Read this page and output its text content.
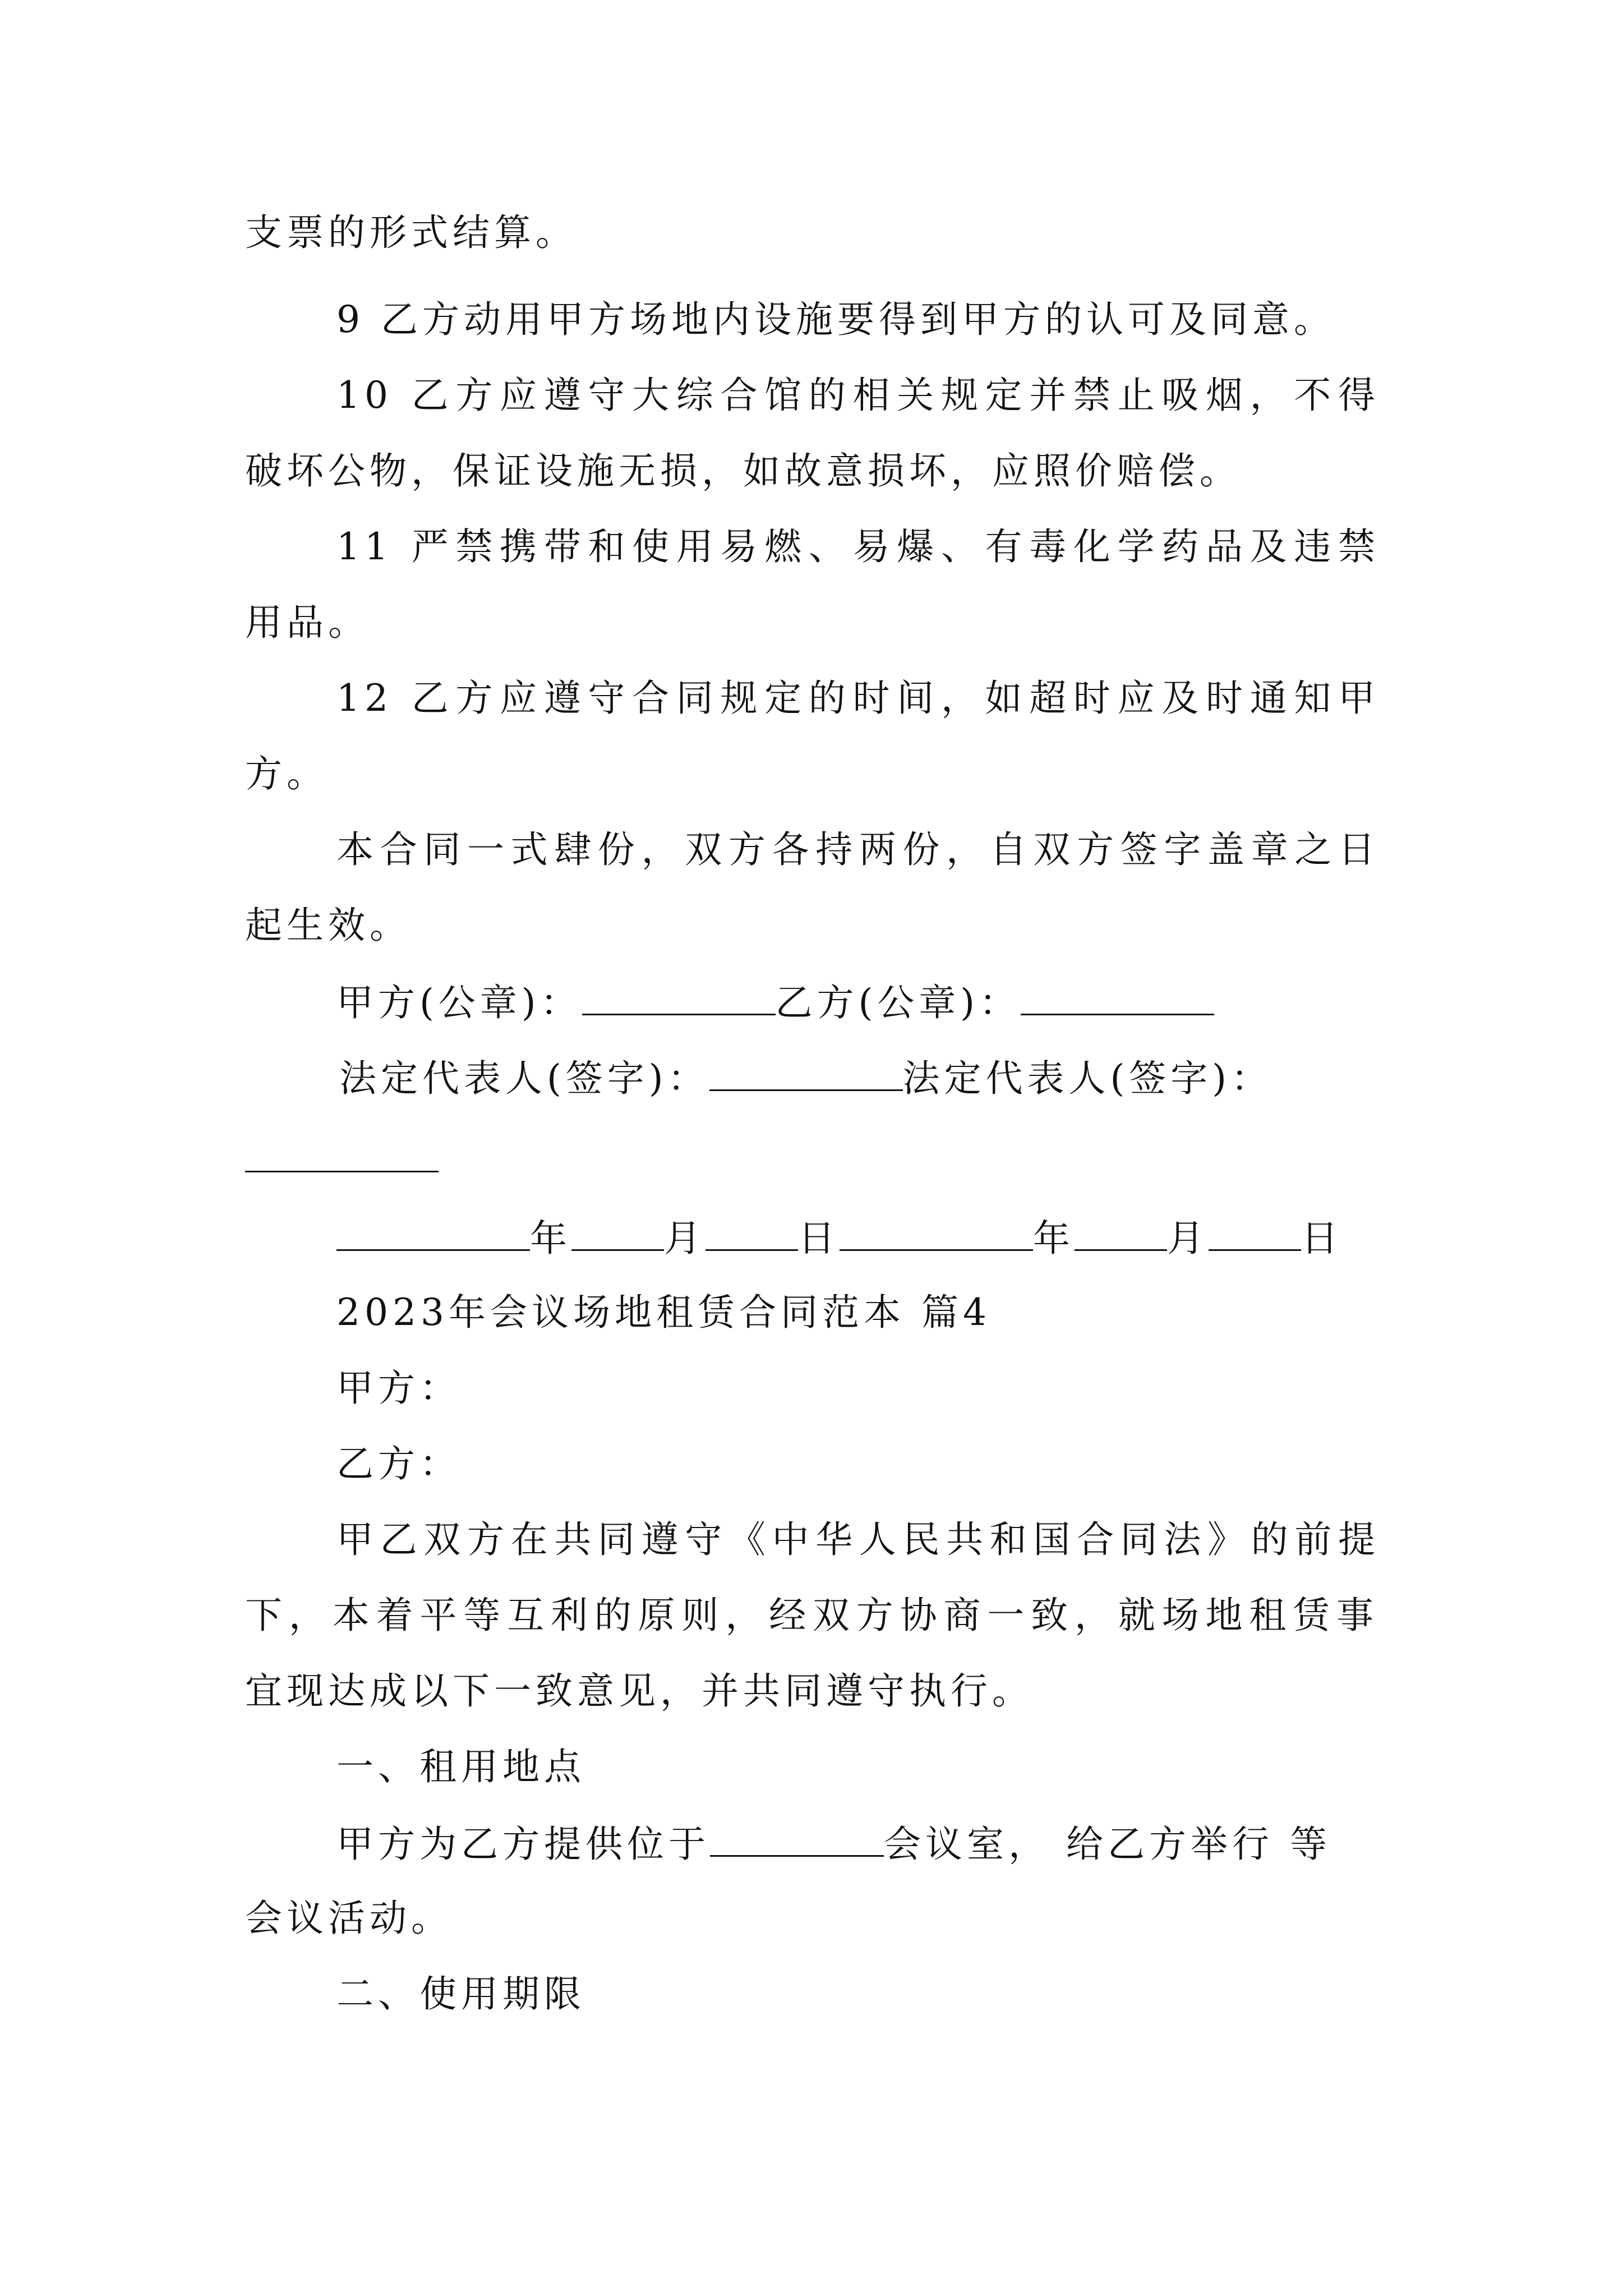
支票的形式结算。
9 乙方动用甲方场地内设施要得到甲方的认可及同意。
10 乙方应遵守大综合馆的相关规定并禁止吸烟，不得
破坏公物，保证设施无损，如故意损坏，应照价赔偿。
11 严禁携带和使用易燃、易爆、有毒化学药品及违禁
用品。
12 乙方应遵守合同规定的时间，如超时应及时通知甲
方。
本合同一式肆份，双方各持两份，自双方签字盖章之日
起生效。
甲方(公章)：	乙方(公章)：
法定代表人(签字)：	法定代表人(签字)：
年	月	日	年	月	日
2023年会议场地租赁合同范本 篇4
甲方：
乙方：
甲乙双方在共同遵守《中华人民共和国合同法》的前提
下，本着平等互利的原则，经双方协商一致，就场地租赁事
宜现达成以下一致意见，并共同遵守执行。
一、租用地点
甲方为乙方提供位于	会议室， 给乙方举行 等
会议活动。
二、使用期限
